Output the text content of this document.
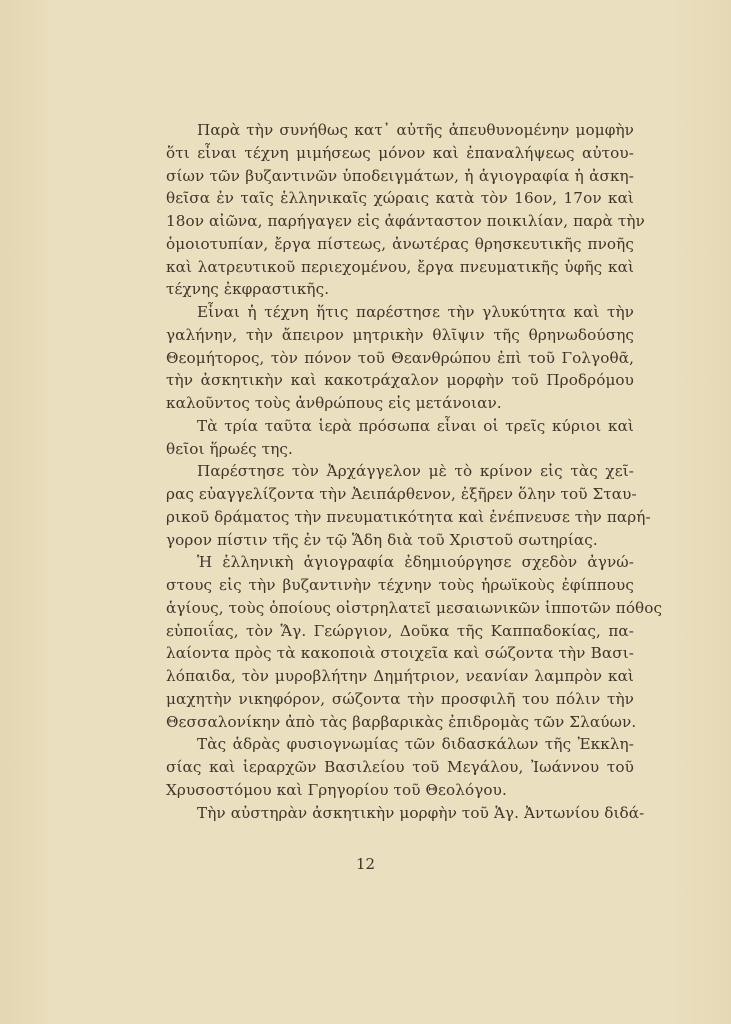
Παρὰ τὴν συνήθως κατ᾽ αὐτῆς ἀπευθυνομένην μομφὴν
ὅτι εἶναι τέχνη μιμήσεως μόνον καὶ ἐπαναλήψεως αὐτου-
σίων τῶν βυζαντινῶν ὑποδειγμάτων, ἡ ἁγιογραφία ἡ ἀσκη-
θεῖσα ἐν ταῖς ἑλληνικαῖς χώραις κατὰ τὸν 16ον, 17ον καὶ
18ον αἰῶνα, παρήγαγεν εἰς ἀφάνταστον ποικιλίαν, παρὰ τὴν
ὁμοιοτυπίαν, ἔργα πίστεως, ἀνωτέρας θρησκευτικῆς πνοῆς
καὶ λατρευτικοῦ περιεχομένου, ἔργα πνευματικῆς ὑφῆς καὶ
τέχνης ἐκφραστικῆς.
Εἶναι ἡ τέχνη ἥτις παρέστησε τὴν γλυκύτητα καὶ τὴν
γαλήνην, τὴν ἄπειρον μητρικὴν θλῖψιν τῆς θρηνωδούσης
Θεομήτορος, τὸν πόνον τοῦ Θεανθρώπου ἐπὶ τοῦ Γολγοθᾶ,
τὴν ἀσκητικὴν καὶ κακοτράχαλον μορφὴν τοῦ Προδρόμου
καλοῦντος τοὺς ἀνθρώπους εἰς μετάνοιαν.
Τὰ τρία ταῦτα ἱερὰ πρόσωπα εἶναι οἱ τρεῖς κύριοι καὶ
θεῖοι ἥρωές της.
Παρέστησε τὸν Ἀρχάγγελον μὲ τὸ κρίνον εἰς τὰς χεῖ-
ρας εὐαγγελίζοντα τὴν Ἀειπάρθενον, ἐξῆρεν ὅλην τοῦ Σταυ-
ρικοῦ δράματος τὴν πνευματικότητα καὶ ἐνέπνευσε τὴν παρή-
γορον πίστιν τῆς ἐν τῷ Ἅδη διὰ τοῦ Χριστοῦ σωτηρίας.
Ἡ ἑλληνικὴ ἁγιογραφία ἐδημιούργησε σχεδὸν ἀγνώ-
στους εἰς τὴν βυζαντινὴν τέχνην τοὺς ἡρωϊκοὺς ἐφίππους
ἁγίους, τοὺς ὁποίους οἰστρηλατεῖ μεσαιωνικῶν ἱπποτῶν πόθος
εὐποιΐας, τὸν Ἅγ. Γεώργιον, Δοῦκα τῆς Καππαδοκίας, πα-
λαίοντα πρὸς τὰ κακοποιὰ στοιχεῖα καὶ σώζοντα τὴν Βασι-
λόπαιδα, τὸν μυροβλήτην Δημήτριον, νεανίαν λαμπρὸν καὶ
μαχητὴν νικηφόρον, σώζοντα τὴν προσφιλῆ του πόλιν τὴν
Θεσσαλονίκην ἀπὸ τὰς βαρβαρικὰς ἐπιδρομὰς τῶν Σλαύων.
Τὰς ἁδρὰς φυσιογνωμίας τῶν διδασκάλων τῆς Ἐκκλη-
σίας καὶ ἱεραρχῶν Βασιλείου τοῦ Μεγάλου, Ἰωάννου τοῦ
Χρυσοστόμου καὶ Γρηγορίου τοῦ Θεολόγου.
Τὴν αὐστηρὰν ἀσκητικὴν μορφὴν τοῦ Ἁγ. Ἀντωνίου διδά-
12
